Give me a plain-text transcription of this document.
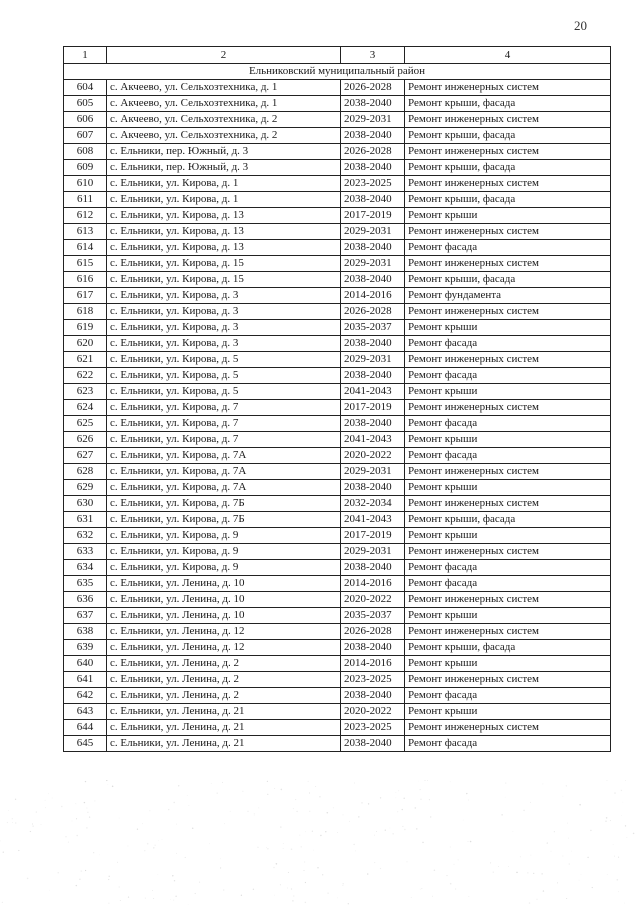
20
1	2	3	4
Ельниковский муниципальный район			
604	с. Акчеево, ул. Сельхозтехника, д. 1	2026-2028	Ремонт инженерных систем
605	с. Акчеево, ул. Сельхозтехника, д. 1	2038-2040	Ремонт крыши, фасада
606	с. Акчеево, ул. Сельхозтехника, д. 2	2029-2031	Ремонт инженерных систем
607	с. Акчеево, ул. Сельхозтехника, д. 2	2038-2040	Ремонт крыши, фасада
608	с. Ельники, пер. Южный, д. 3	2026-2028	Ремонт инженерных систем
609	с. Ельники, пер. Южный, д. 3	2038-2040	Ремонт крыши, фасада
610	с. Ельники, ул. Кирова, д. 1	2023-2025	Ремонт инженерных систем
611	с. Ельники, ул. Кирова, д. 1	2038-2040	Ремонт крыши, фасада
612	с. Ельники, ул. Кирова, д. 13	2017-2019	Ремонт крыши
613	с. Ельники, ул. Кирова, д. 13	2029-2031	Ремонт инженерных систем
614	с. Ельники, ул. Кирова, д. 13	2038-2040	Ремонт фасада
615	с. Ельники, ул. Кирова, д. 15	2029-2031	Ремонт инженерных систем
616	с. Ельники, ул. Кирова, д. 15	2038-2040	Ремонт крыши, фасада
617	с. Ельники, ул. Кирова, д. 3	2014-2016	Ремонт фундамента
618	с. Ельники, ул. Кирова, д. 3	2026-2028	Ремонт инженерных систем
619	с. Ельники, ул. Кирова, д. 3	2035-2037	Ремонт крыши
620	с. Ельники, ул. Кирова, д. 3	2038-2040	Ремонт фасада
621	с. Ельники, ул. Кирова, д. 5	2029-2031	Ремонт инженерных систем
622	с. Ельники, ул. Кирова, д. 5	2038-2040	Ремонт фасада
623	с. Ельники, ул. Кирова, д. 5	2041-2043	Ремонт крыши
624	с. Ельники, ул. Кирова, д. 7	2017-2019	Ремонт инженерных систем
625	с. Ельники, ул. Кирова, д. 7	2038-2040	Ремонт фасада
626	с. Ельники, ул. Кирова, д. 7	2041-2043	Ремонт крыши
627	с. Ельники, ул. Кирова, д. 7А	2020-2022	Ремонт фасада
628	с. Ельники, ул. Кирова, д. 7А	2029-2031	Ремонт инженерных систем
629	с. Ельники, ул. Кирова, д. 7А	2038-2040	Ремонт крыши
630	с. Ельники, ул. Кирова, д. 7Б	2032-2034	Ремонт инженерных систем
631	с. Ельники, ул. Кирова, д. 7Б	2041-2043	Ремонт крыши, фасада
632	с. Ельники, ул. Кирова, д. 9	2017-2019	Ремонт крыши
633	с. Ельники, ул. Кирова, д. 9	2029-2031	Ремонт инженерных систем
634	с. Ельники, ул. Кирова, д. 9	2038-2040	Ремонт фасада
635	с. Ельники, ул. Ленина, д. 10	2014-2016	Ремонт фасада
636	с. Ельники, ул. Ленина, д. 10	2020-2022	Ремонт инженерных систем
637	с. Ельники, ул. Ленина, д. 10	2035-2037	Ремонт крыши
638	с. Ельники, ул. Ленина, д. 12	2026-2028	Ремонт инженерных систем
639	с. Ельники, ул. Ленина, д. 12	2038-2040	Ремонт крыши, фасада
640	с. Ельники, ул. Ленина, д. 2	2014-2016	Ремонт крыши
641	с. Ельники, ул. Ленина, д. 2	2023-2025	Ремонт инженерных систем
642	с. Ельники, ул. Ленина, д. 2	2038-2040	Ремонт фасада
643	с. Ельники, ул. Ленина, д. 21	2020-2022	Ремонт крыши
644	с. Ельники, ул. Ленина, д. 21	2023-2025	Ремонт инженерных систем
645	с. Ельники, ул. Ленина, д. 21	2038-2040	Ремонт фасада
